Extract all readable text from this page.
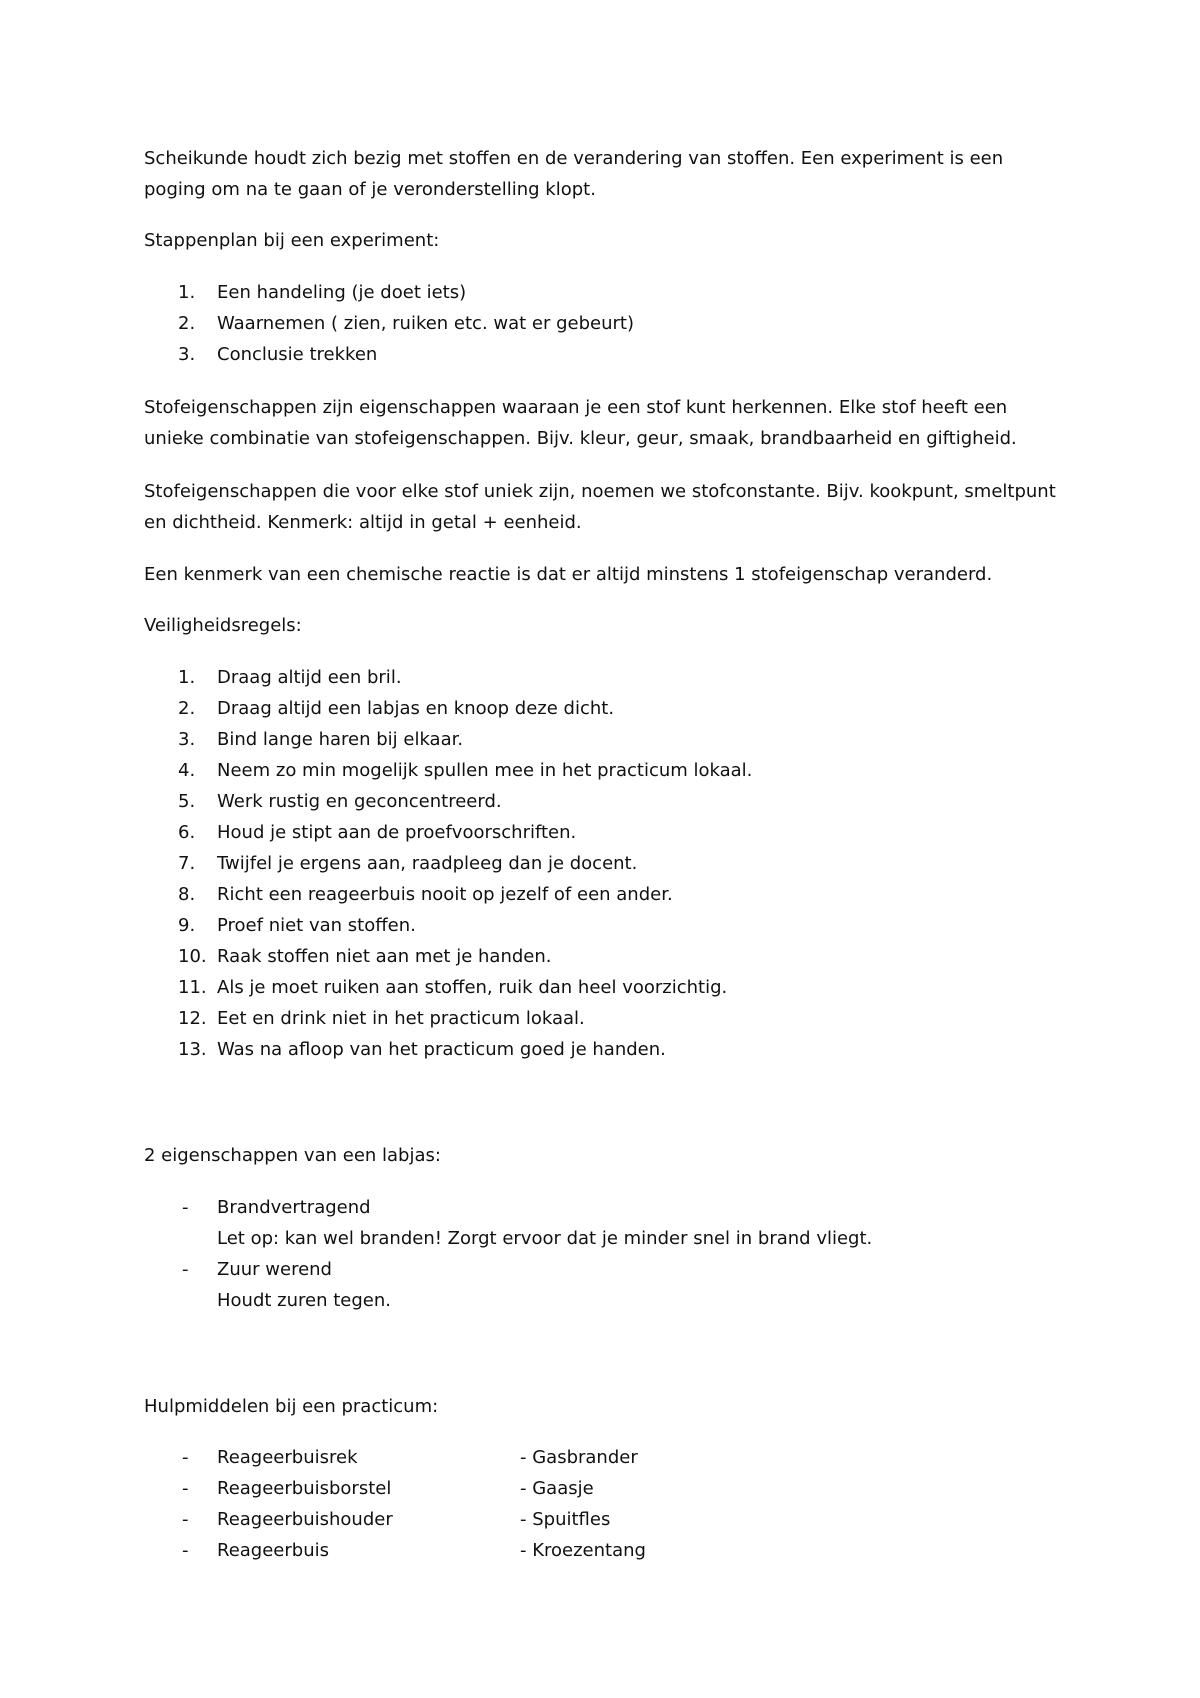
Scheikunde houdt zich bezig met stoffen en de verandering van stoffen. Een experiment is een poging om na te gaan of je veronderstelling klopt.

Stappenplan bij een experiment:
1. Een handeling (je doet iets)
2. Waarnemen ( zien, ruiken etc. wat er gebeurt)
3. Conclusie trekken

Stofeigenschappen zijn eigenschappen waaraan je een stof kunt herkennen. Elke stof heeft een unieke combinatie van stofeigenschappen. Bijv. kleur, geur, smaak, brandbaarheid en giftigheid.

Stofeigenschappen die voor elke stof uniek zijn, noemen we stofconstante. Bijv. kookpunt, smeltpunt en dichtheid. Kenmerk: altijd in getal + eenheid.

Een kenmerk van een chemische reactie is dat er altijd minstens 1 stofeigenschap veranderd.
Veiligheidsregels:
1. Draag altijd een bril.
2. Draag altijd een labjas en knoop deze dicht.
3. Bind lange haren bij elkaar.
4. Neem zo min mogelijk spullen mee in het practicum lokaal.
5. Werk rustig en geconcentreerd.
6. Houd je stipt aan de proefvoorschriften.
7. Twijfel je ergens aan, raadpleeg dan je docent.
8. Richt een reageerbuis nooit op jezelf of een ander.
9. Proef niet van stoffen.
10. Raak stoffen niet aan met je handen.
11. Als je moet ruiken aan stoffen, ruik dan heel voorzichtig.
12. Eet en drink niet in het practicum lokaal.
13. Was na afloop van het practicum goed je handen.
2 eigenschappen van een labjas:
- Brandvertragend
Let op: kan wel branden! Zorgt ervoor dat je minder snel in brand vliegt.
- Zuur werend
Houdt zuren tegen.
Hulpmiddelen bij een practicum:
- Reageerbuisrek	- Gasbrander
- Reageerbuisborstel	- Gaasje
- Reageerbuishouder	- Spuitfles
- Reageerbuis	- Kroezentang
